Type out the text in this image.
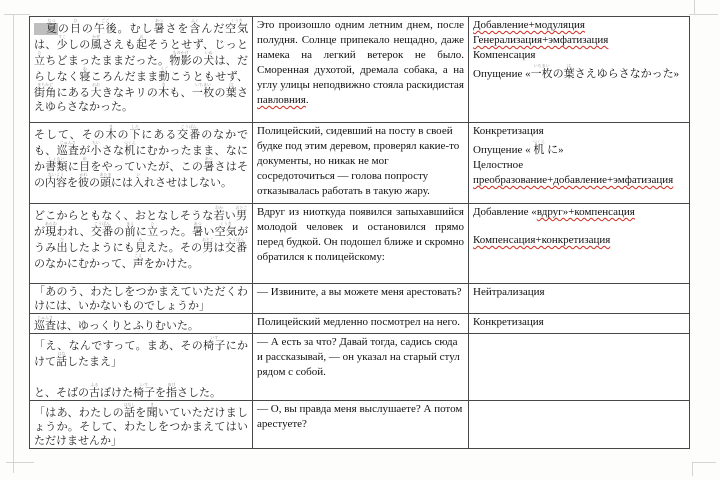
　夏なつの日ひの午後ごご。むし暑あつさを含ふくんだ空気くうきは、少すこしの風かぜさえも起おそうとせず、じっと立たちどまったままだった。物影ものかげの犬いぬは、だらしなく寝ねころんだまま動うごこうともせず、街角まちかどにある大おおきなキリの木きも、一枚いちまいの葉はさえゆらさなかった。
Это произошло одним летним днем, после полудня. Солнце припекало нещадно, даже намека на легкий ветерок не было. Сморенная духотой, дремала собака, а на углу улицы неподвижно стояла раскидистая павловния.
Добавление+модуляция
Генерализация+эмфатизация
Компенсация
Опущение «一枚いちまいの葉はさえゆらさなかった»
そして、その木きの下したにある交番こうばんのなかでも、巡査じゅんさが小ちいさな机つくえにむかったまま、なにか書類しょるいに目めをやっていたが、この暑あつさはその内容ないようを彼かれの頭あたまには入いれさせはしない。
Полицейский, сидевший на посту в своей будке под этим деревом, проверял какие-то документы, но никак не мог сосредоточиться — голова попросту отказывалась работать в такую жару.
Конкретизация
Опущение « 机つくえ に»
Целостное
преобразование+добавление+эмфатизация
どこからともなく、おとなしそうな若わかい男おとこが現あらわわれ、交番こうばんの前まえに立たった。暑あつい空気くうきがうみ出だしたようにも見みえた。その男おとこは交番こうばんのなかにむかって、声こえをかけた。
Вдруг из ниоткуда появился запыхавшийся молодой человек и остановился прямо перед будкой. Он подошел ближе и скромно обратился к полицейскому:
Добавление «вдруг»+компенсация
Компенсация+конкретизация
「あのう、わたしをつかまえていただくわけには、いかないものでしょうか」
— Извините, а вы можете меня арестовать? Нейтрализация
巡査じゅんさは、ゆっくりとふりむいた。	Полицейский медленно посмотрел на него.	Конкретизация
「え、なんですって。まあ、その椅子いすにかけて話はなしたまえ」
と、そばの古ふるぼけた椅子いすを指ゆびさした。
— А есть за что? Давай тогда, садись сюда и рассказывай, — он указал на старый стул рядом с собой.
「はあ、わたしの話はなしを聞きいていただけましょうか。そして、わたしをつかまえてはいただけませんか」
— О, вы правда меня выслушаете? А потом арестуете?
